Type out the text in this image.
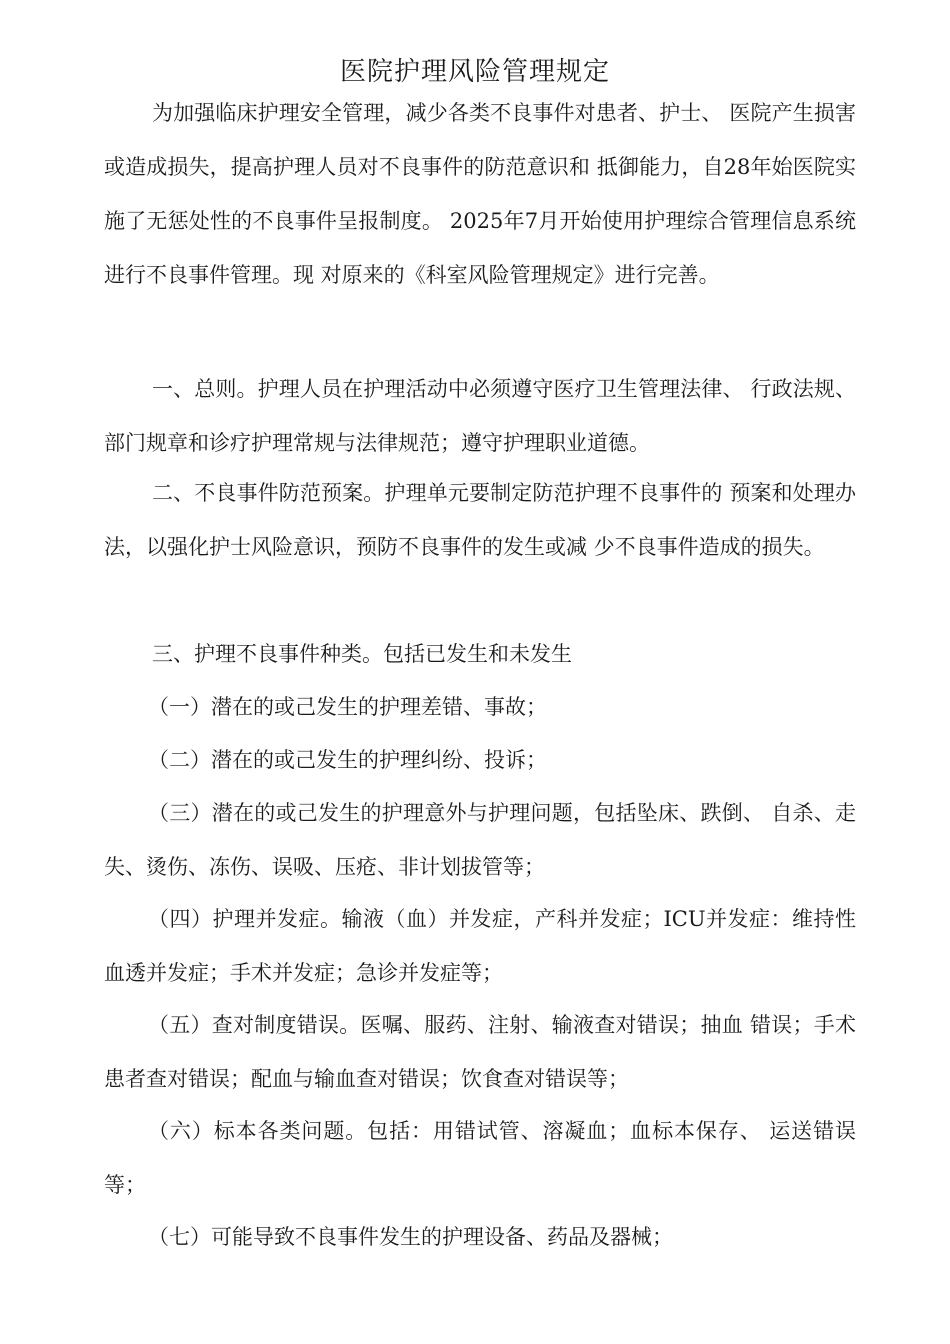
医院护理风险管理规定

为加强临床护理安全管理，减少各类不良事件对患者、护士、 医院产生损害或造成损失，提高护理人员对不良事件的防范意识和 抵御能力，自28年始医院实施了无惩处性的不良事件呈报制度。 2025年7月开始使用护理综合管理信息系统进行不良事件管理。现 对原来的《科室风险管理规定》进行完善。

一、总则。护理人员在护理活动中必须遵守医疗卫生管理法律、 行政法规、部门规章和诊疗护理常规与法律规范；遵守护理职业道德。

二、不良事件防范预案。护理单元要制定防范护理不良事件的 预案和处理办法，以强化护士风险意识，预防不良事件的发生或减 少不良事件造成的损失。

三、护理不良事件种类。包括已发生和未发生

（一）潜在的或己发生的护理差错、事故；

（二）潜在的或己发生的护理纠纷、投诉；

（三）潜在的或己发生的护理意外与护理问题，包括坠床、跌倒、 自杀、走失、烫伤、冻伤、误吸、压疮、非计划拔管等；

（四）护理并发症。输液（血）并发症，产科并发症；ICU并发症：维持性血透并发症；手术并发症；急诊并发症等；

（五）查对制度错误。医嘱、服药、注射、输液查对错误；抽血 错误；手术患者查对错误；配血与输血查对错误；饮食查对错误等；

（六）标本各类问题。包括：用错试管、溶凝血；血标本保存、 运送错误等；

（七）可能导致不良事件发生的护理设备、药品及器械；
